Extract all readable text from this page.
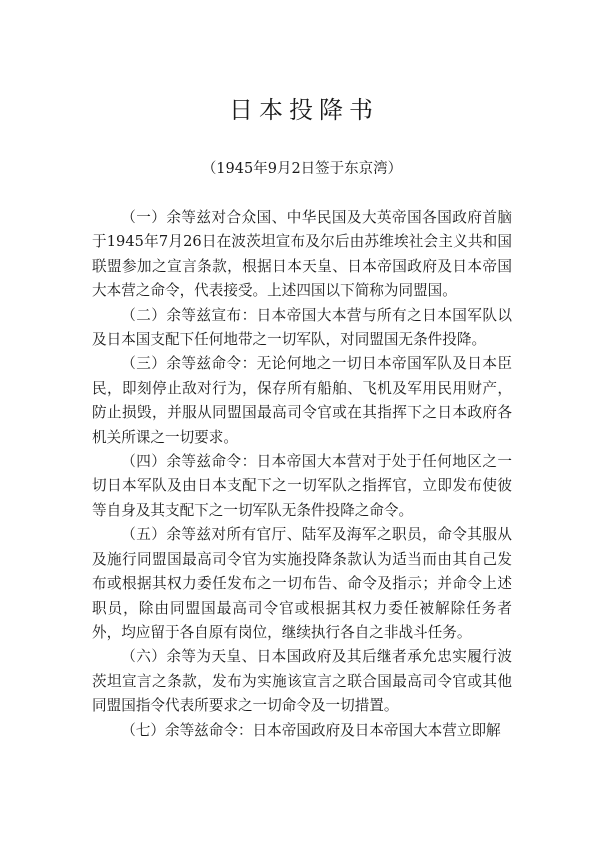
日本投降书
（1945年9月2日签于东京湾）

（一）余等兹对合众国、中华民国及大英帝国各国政府首脑于1945年7月26日在波茨坦宣布及尔后由苏维埃社会主义共和国联盟参加之宣言条款，根据日本天皇、日本帝国政府及日本帝国大本营之命令，代表接受。上述四国以下简称为同盟国。

（二）余等兹宣布：日本帝国大本营与所有之日本国军队以及日本国支配下任何地带之一切军队，对同盟国无条件投降。

（三）余等兹命令：无论何地之一切日本帝国军队及日本臣民，即刻停止敌对行为，保存所有船舶、飞机及军用民用财产，防止损毁，并服从同盟国最高司令官或在其指挥下之日本政府各机关所课之一切要求。

（四）余等兹命令：日本帝国大本营对于处于任何地区之一切日本军队及由日本支配下之一切军队之指挥官，立即发布使彼等自身及其支配下之一切军队无条件投降之命令。

（五）余等兹对所有官厅、陆军及海军之职员，命令其服从及施行同盟国最高司令官为实施投降条款认为适当而由其自己发布或根据其权力委任发布之一切布告、命令及指示；并命令上述职员，除由同盟国最高司令官或根据其权力委任被解除任务者外，均应留于各自原有岗位，继续执行各自之非战斗任务。

（六）余等为天皇、日本国政府及其后继者承允忠实履行波茨坦宣言之条款，发布为实施该宣言之联合国最高司令官或其他同盟国指令代表所要求之一切命令及一切措置。

（七）余等兹命令：日本帝国政府及日本帝国大本营立即解
